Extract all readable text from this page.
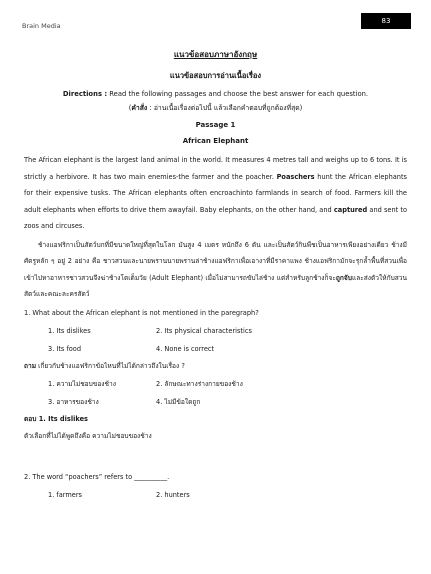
Brain Media
83
แนวข้อสอบภาษาอังกฤษ
แนวข้อสอบการอ่านเนื้อเรื่อง
Directions : Read the following passages and choose the best answer for each question.
(คำสั่ง : อ่านเนื้อเรื่องต่อไปนี้ แล้วเลือกคำตอบที่ถูกต้องที่สุด)
Passage 1
African Elephant
The African elephant is the largest land animal in the world. It measures 4 metres tall and weighs up to 6 tons. It is strictly a herbivore. It has two main enemies-the farmer and the poacher. Poaschers hunt the African elephants for their expensive tusks. The African elephants often encroachinto farmlands in search of food. Farmers kill the adult elephants when efforts to drive them awayfail. Baby elephants, on the other hand, and captured and sent to zoos and circuses.
ช้างแอฟริกาเป็นสัตว์บกที่มีขนาดใหญ่ที่สุดในโลก มันสูง 4 เมตร หนักถึง 6 ตัน และเป็นสัตว์กินพืชเป็นอาหารเพียงอย่างเดียว ช้างมีศัตรูหลัก ๆ อยู่ 2 อย่าง คือ ชาวสวนและนายพรานนายพรานล่าช้างแอฟริกาเพื่อเอางาที่มีราคาแพง ช้างแอฟริกามักจะรุกล้ำพื้นที่สวนเพื่อเข้าไปหาอาหารชาวสวนจึงฆ่าช้างโตเต็มวัย (Adult Elephant) เมื่อไม่สามารถขับไล่ช้าง แต่สำหรับลูกช้างก็จะถูกจับและส่งตัวให้กับสวนสัตว์และคณะละครสัตว์
1. What about the African elephant is not mentioned in the paregraph?
1. Its dislikes	2. Its physical characteristics
3. Its food	4. None is correct
ถาม เกี่ยวกับช้างแอฟริกาข้อไหนที่ไม่ได้กล่าวถึงในเรื่อง ?
1. ความไม่ชอบของช้าง	2. ลักษณะทางร่างกายของช้าง
3. อาหารของช้าง	4. ไม่มีข้อใดถูก
ตอบ 1. Its dislikes
ตัวเลือกที่ไม่ได้พูดถึงคือ ความไม่ชอบของช้าง
2. The word “poachers” refers to __________.
1. farmers	2. hunters
